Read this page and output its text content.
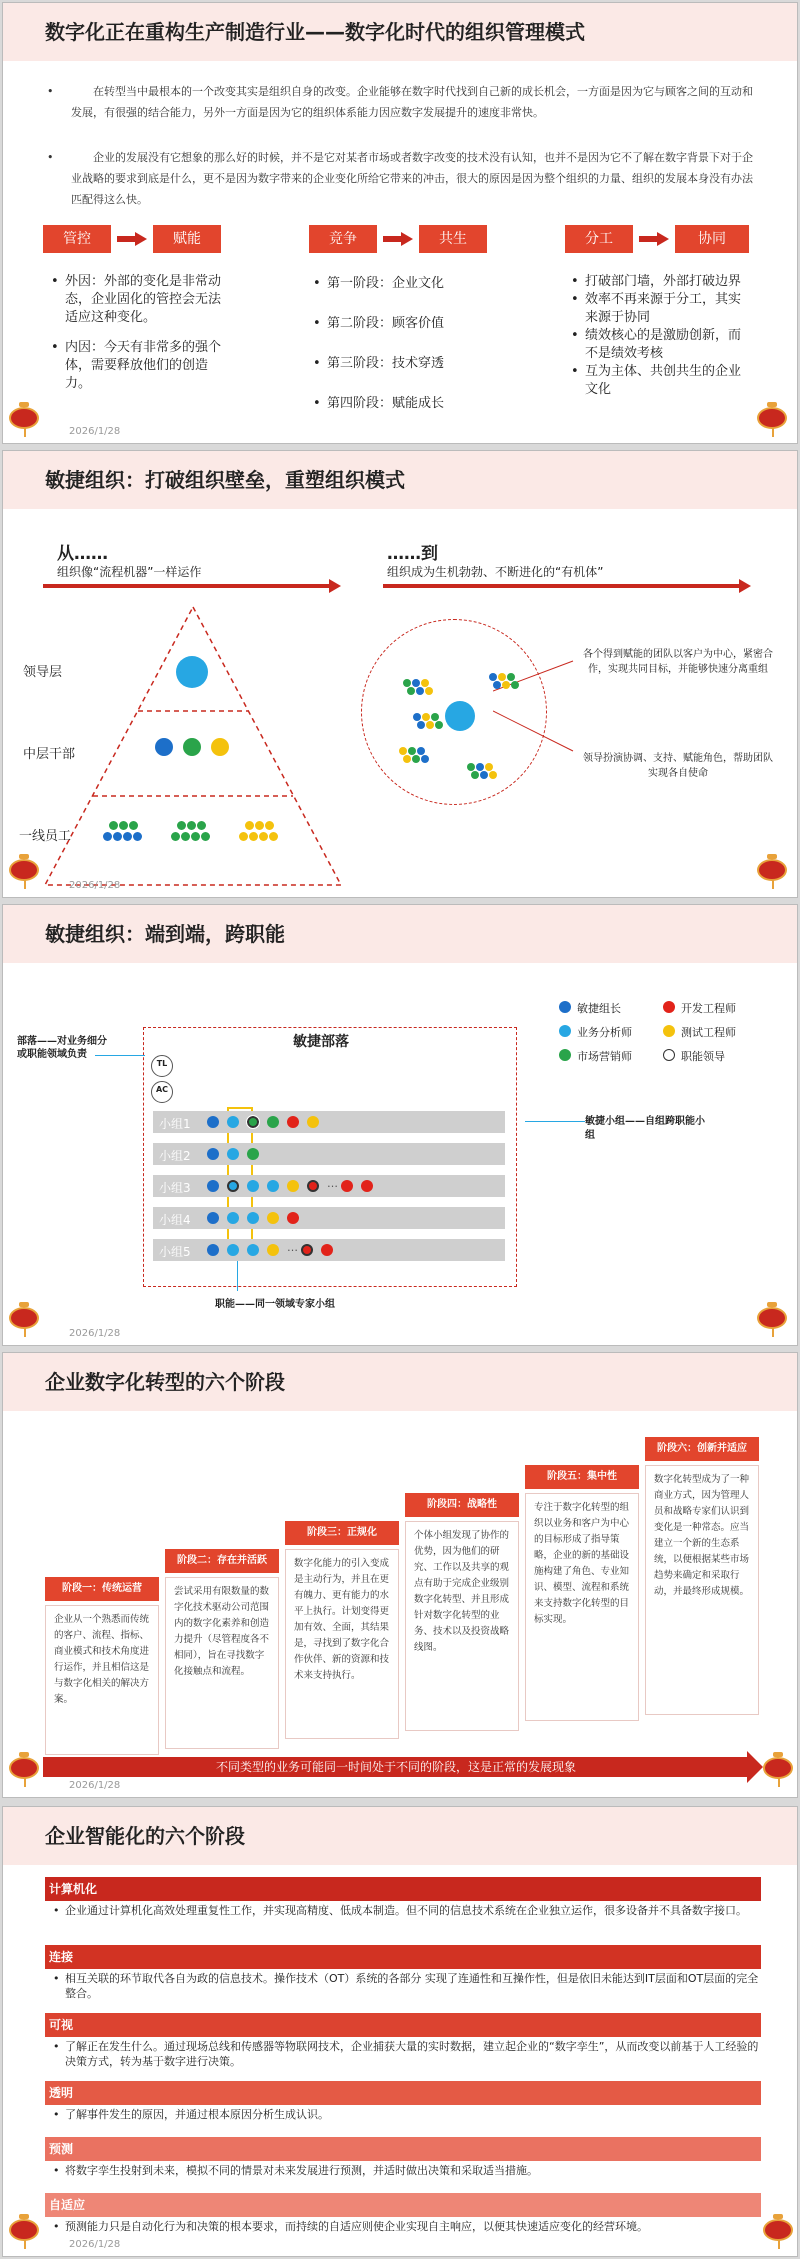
数字化正在重构生产制造行业——数字化时代的组织管理模式
•	在转型当中最根本的一个改变其实是组织自身的改变。企业能够在数字时代找到自己新的成长机会，一方面是因为它与顾客之间的互动和发展，有很强的结合能力，另外一方面是因为它的组织体系能力因应数字发展提升的速度非常快。
•	企业的发展没有它想象的那么好的时候，并不是它对某者市场或者数字改变的技术没有认知，也并不是因为它不了解在数字背景下对于企业战略的要求到底是什么，更不是因为数字带来的企业变化所给它带来的冲击，很大的原因是因为整个组织的力量、组织的发展本身没有办法匹配得这么快。
管控	赋能	竞争	共生	分工	协同
• 外因：外部的变化是非常动态，企业固化的管控会无法适应这种变化。
• 内因：今天有非常多的强个体，需要释放他们的创造力。
• 第一阶段：企业文化
• 第二阶段：顾客价值
• 第三阶段：技术穿透
• 第四阶段：赋能成长
• 打破部门墙，外部打破边界
• 效率不再来源于分工，其实来源于协同
• 绩效核心的是激励创新，而不是绩效考核
• 互为主体、共创共生的企业文化
2026/1/28
敏捷组织：打破组织壁垒，重塑组织模式
从……
组织像“流程机器”一样运作
……到
组织成为生机勃勃、不断进化的“有机体”
领导层
中层干部
一线员工
各个得到赋能的团队以客户为中心，紧密合作，实现共同目标，并能够快速分离重组
领导扮演协调、支持、赋能角色，帮助团队实现各自使命
2026/1/28
敏捷组织：端到端，跨职能
敏捷部落
部落——对业务细分或职能领域负责
TL
AC
敏捷小组——自组跨职能小组
职能——同一领域专家小组
2026/1/28
敏捷组长	开发工程师
业务分析师	测试工程师
市场营销师	职能领导
小组1
小组2
小组3	…
小组4
小组5	…
企业数字化转型的六个阶段
不同类型的业务可能同一时间处于不同的阶段，这是正常的发展现象
2026/1/28
阶段一：传统运营
企业从一个熟悉而传统的客户、流程、指标、商业模式和技术角度进行运作，并且相信这是与数字化相关的解决方案。
阶段二：存在并活跃
尝试采用有限数量的数字化技术驱动公司范围内的数字化素养和创造力提升（尽管程度各不相同），旨在寻找数字化接触点和流程。
阶段三：正规化
数字化能力的引入变成是主动行为，并且在更有魄力、更有能力的水平上执行。计划变得更加有效、全面，其结果是，寻找到了数字化合作伙伴、新的资源和技术来支持执行。
阶段四：战略性
个体小组发现了协作的优势，因为他们的研究、工作以及共享的观点有助于完成企业级别数字化转型、并且形成针对数字化转型的业务、技术以及投资战略线图。
阶段五：集中性
专注于数字化转型的组织以业务和客户为中心的目标形成了指导策略，企业的新的基础设施构建了角色、专业知识、模型、流程和系统来支持数字化转型的目标实现。
阶段六：创新并适应
数字化转型成为了一种商业方式，因为管理人员和战略专家们认识到变化是一种常态。应当建立一个新的生态系统，以便根据某些市场趋势来确定和采取行动，并最终形成规模。
企业智能化的六个阶段
2026/1/28
计算机化
• 企业通过计算机化高效处理重复性工作，并实现高精度、低成本制造。但不同的信息技术系统在企业独立运作，很多设备并不具备数字接口。
连接
• 相互关联的环节取代各自为政的信息技术。操作技术（OT）系统的各部分 实现了连通性和互操作性，但是依旧未能达到IT层面和OT层面的完全整合。
可视
• 了解正在发生什么。通过现场总线和传感器等物联网技术，企业捕获大量的实时数据，建立起企业的“数字孪生”，从而改变以前基于人工经验的决策方式，转为基于数字进行决策。
透明
• 了解事件发生的原因，并通过根本原因分析生成认识。
预测
• 将数字孪生投射到未来，模拟不同的情景对未来发展进行预测，并适时做出决策和采取适当措施。
自适应
• 预测能力只是自动化行为和决策的根本要求，而持续的自适应则使企业实现自主响应，以便其快速适应变化的经营环境。
